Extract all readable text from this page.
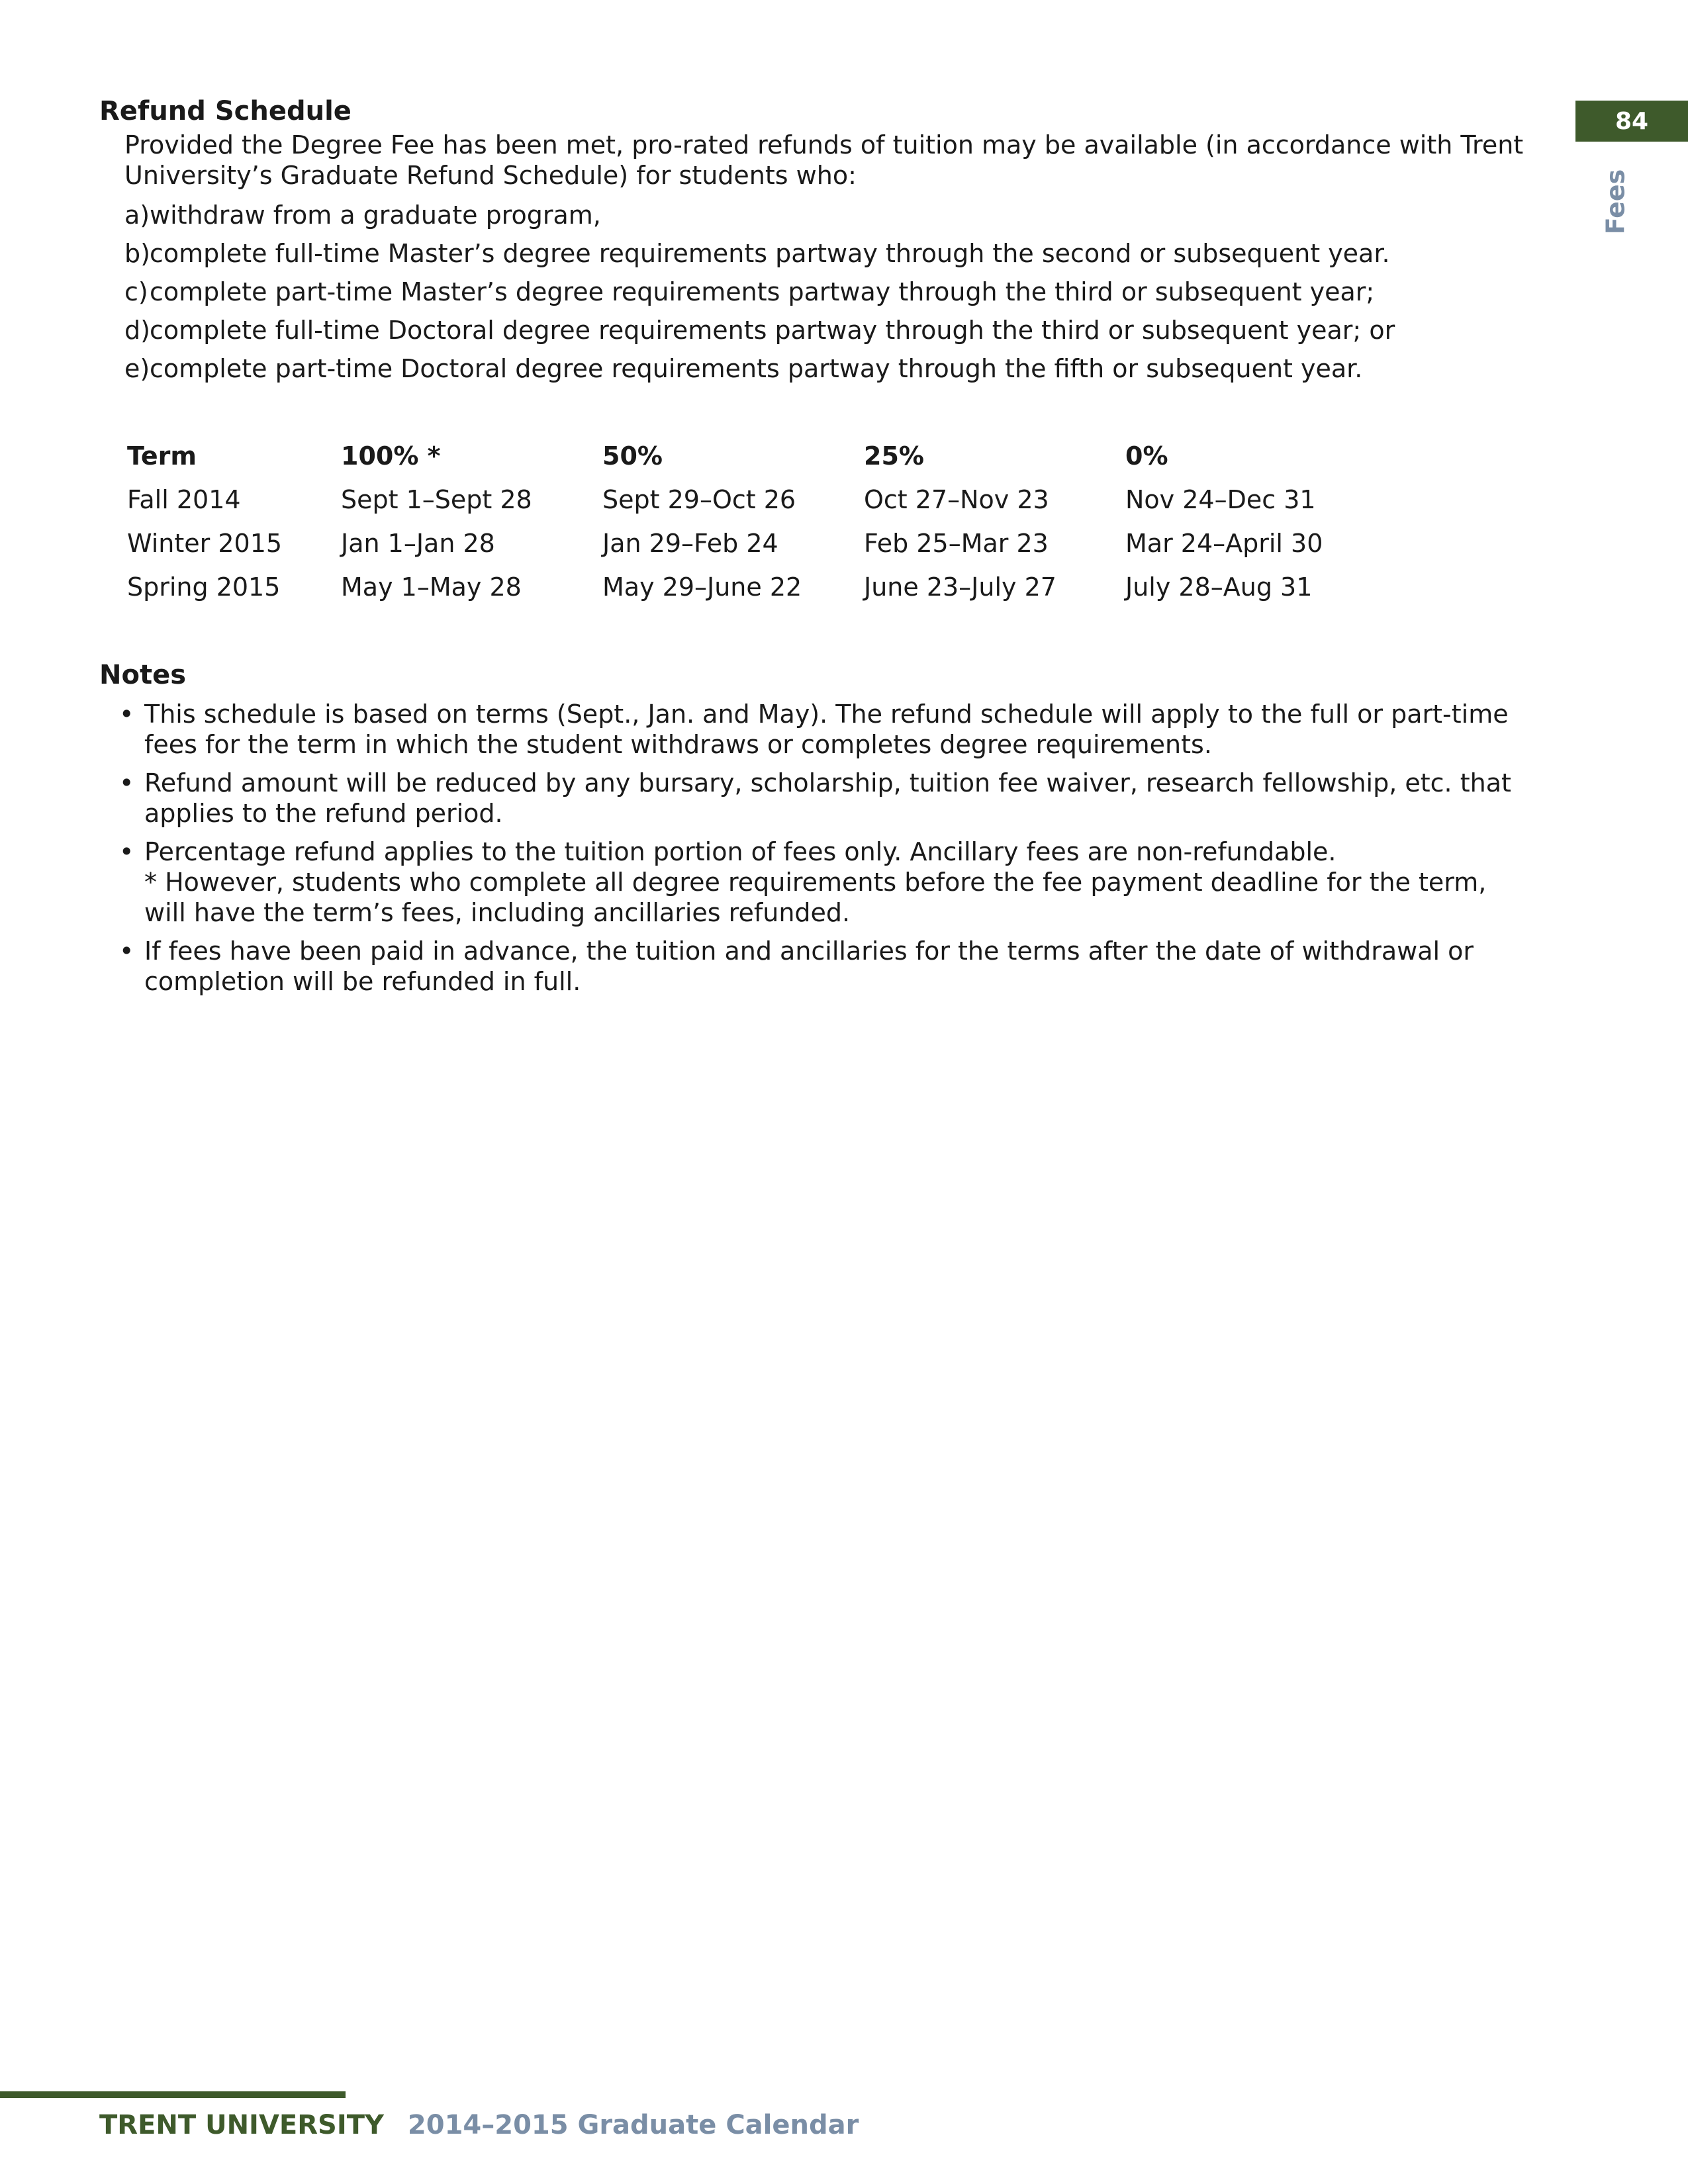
84
Fees
Refund Schedule

Provided the Degree Fee has been met, pro-rated refunds of tuition may be available (in accordance with Trent University’s Graduate Refund Schedule) for students who:

a) withdraw from a graduate program,
b) complete full-time Master’s degree requirements partway through the second or subsequent year.
c) complete part-time Master’s degree requirements partway through the third or subsequent year;
d) complete full-time Doctoral degree requirements partway through the third or subsequent year; or
e) complete part-time Doctoral degree requirements partway through the fifth or subsequent year.
Term	100% *	50%	25%	0%
Fall 2014	Sept 1–Sept 28	Sept 29–Oct 26	Oct 27–Nov 23	Nov 24–Dec 31
Winter 2015	Jan 1–Jan 28	Jan 29–Feb 24	Feb 25–Mar 23	Mar 24–April 30
Spring 2015	May 1–May 28	May 29–June 22	June 23–July 27	July 28–Aug 31
Notes
• This schedule is based on terms (Sept., Jan. and May). The refund schedule will apply to the full or part-time fees for the term in which the student withdraws or completes degree requirements.
• Refund amount will be reduced by any bursary, scholarship, tuition fee waiver, research fellowship, etc. that applies to the refund period.
• Percentage refund applies to the tuition portion of fees only. Ancillary fees are non-refundable.
* However, students who complete all degree requirements before the fee payment deadline for the term, will have the term’s fees, including ancillaries refunded.
• If fees have been paid in advance, the tuition and ancillaries for the terms after the date of withdrawal or completion will be refunded in full.
TRENT UNIVERSITY 2014–2015 Graduate Calendar
